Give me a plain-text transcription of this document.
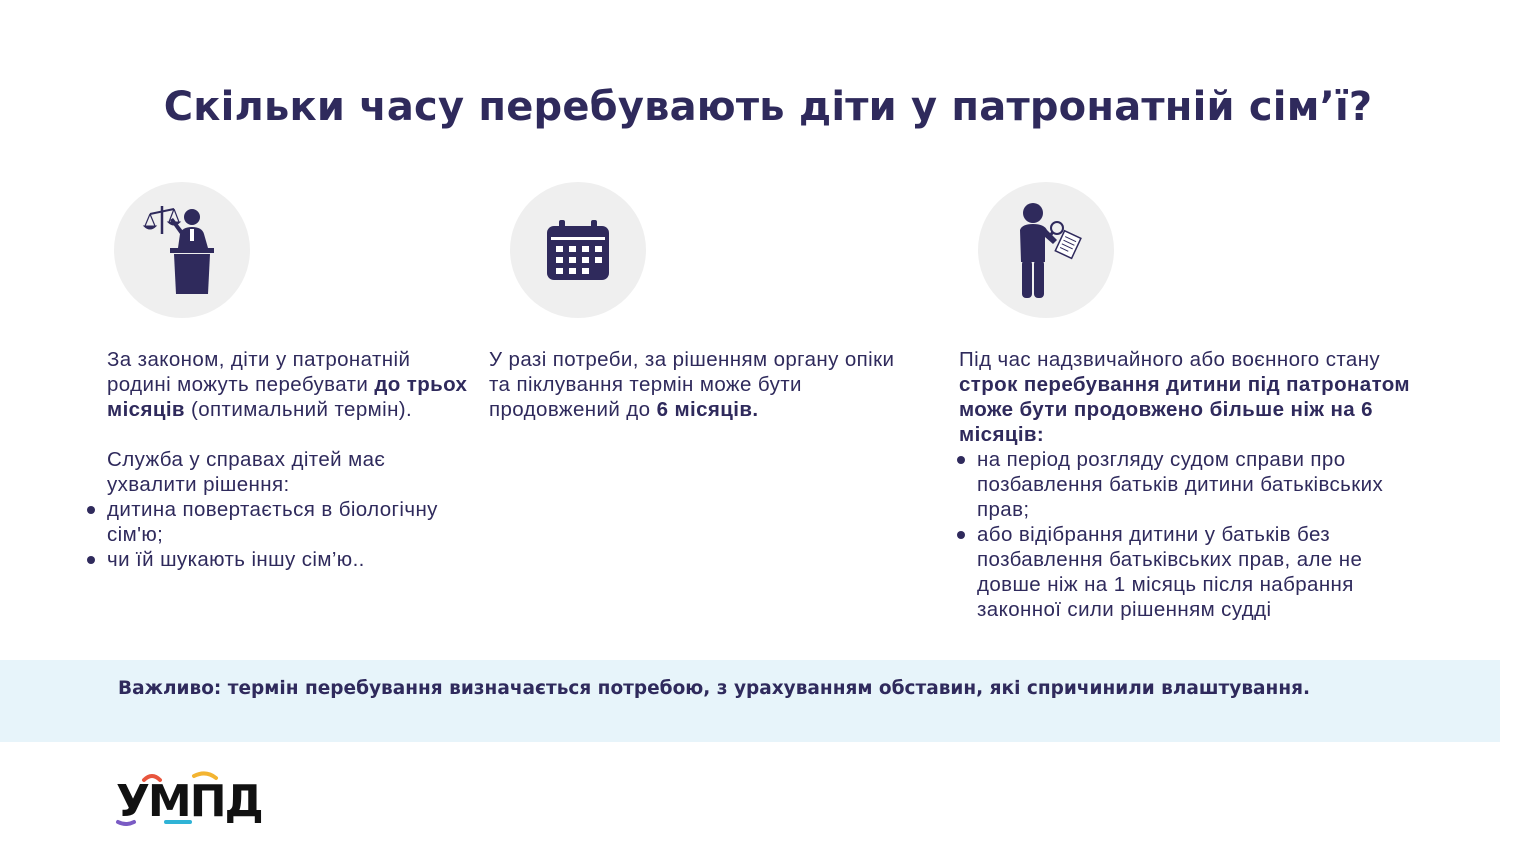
Скільки часу перебувають діти у патронатній сім’ї?

За законом, діти у патронатній родині можуть перебувати до трьох місяців (оптимальний термін).

Служба у справах дітей має ухвалити рішення:

дитина повертається в біологічну сім'ю;
чи їй шукають іншу сім’ю..

У разі потреби, за рішенням органу опіки та піклування термін може бути продовжений до 6 місяців.

Під час надзвичайного або воєнного стану строк перебування дитини під патронатом може бути продовжено більше ніж на 6 місяців:

на період розгляду судом справи про позбавлення батьків дитини батьківських прав;
або відібрання дитини у батьків без позбавлення батьківських прав, але не довше ніж на 1 місяць після набрання законної сили рішенням судді
Важливо: термін перебування визначається потребою, з урахуванням обставин, які спричинили влаштування.
УМПД
